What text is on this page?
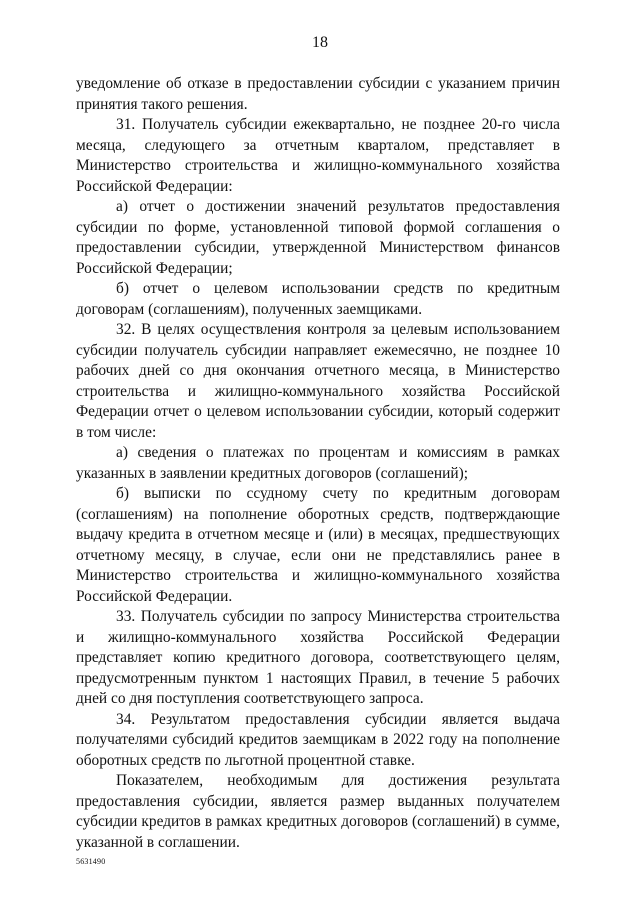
18

уведомление об отказе в предоставлении субсидии с указанием причин принятия такого решения.

31. Получатель субсидии ежеквартально, не позднее 20-го числа месяца, следующего за отчетным кварталом, представляет в Министерство строительства и жилищно-коммунального хозяйства Российской Федерации:

а) отчет о достижении значений результатов предоставления субсидии по форме, установленной типовой формой соглашения о предоставлении субсидии, утвержденной Министерством финансов Российской Федерации;

б) отчет о целевом использовании средств по кредитным договорам (соглашениям), полученных заемщиками.

32. В целях осуществления контроля за целевым использованием субсидии получатель субсидии направляет ежемесячно, не позднее 10 рабочих дней со дня окончания отчетного месяца, в Министерство строительства и жилищно-коммунального хозяйства Российской Федерации отчет о целевом использовании субсидии, который содержит в том числе:

а) сведения о платежах по процентам и комиссиям в рамках указанных в заявлении кредитных договоров (соглашений);

б) выписки по ссудному счету по кредитным договорам (соглашениям) на пополнение оборотных средств, подтверждающие выдачу кредита в отчетном месяце и (или) в месяцах, предшествующих отчетному месяцу, в случае, если они не представлялись ранее в Министерство строительства и жилищно-коммунального хозяйства Российской Федерации.

33. Получатель субсидии по запросу Министерства строительства и жилищно-коммунального хозяйства Российской Федерации представляет копию кредитного договора, соответствующего целям, предусмотренным пунктом 1 настоящих Правил, в течение 5 рабочих дней со дня поступления соответствующего запроса.

34. Результатом предоставления субсидии является выдача получателями субсидий кредитов заемщикам в 2022 году на пополнение оборотных средств по льготной процентной ставке.

Показателем, необходимым для достижения результата предоставления субсидии, является размер выданных получателем субсидии кредитов в рамках кредитных договоров (соглашений) в сумме, указанной в соглашении.

5631490
